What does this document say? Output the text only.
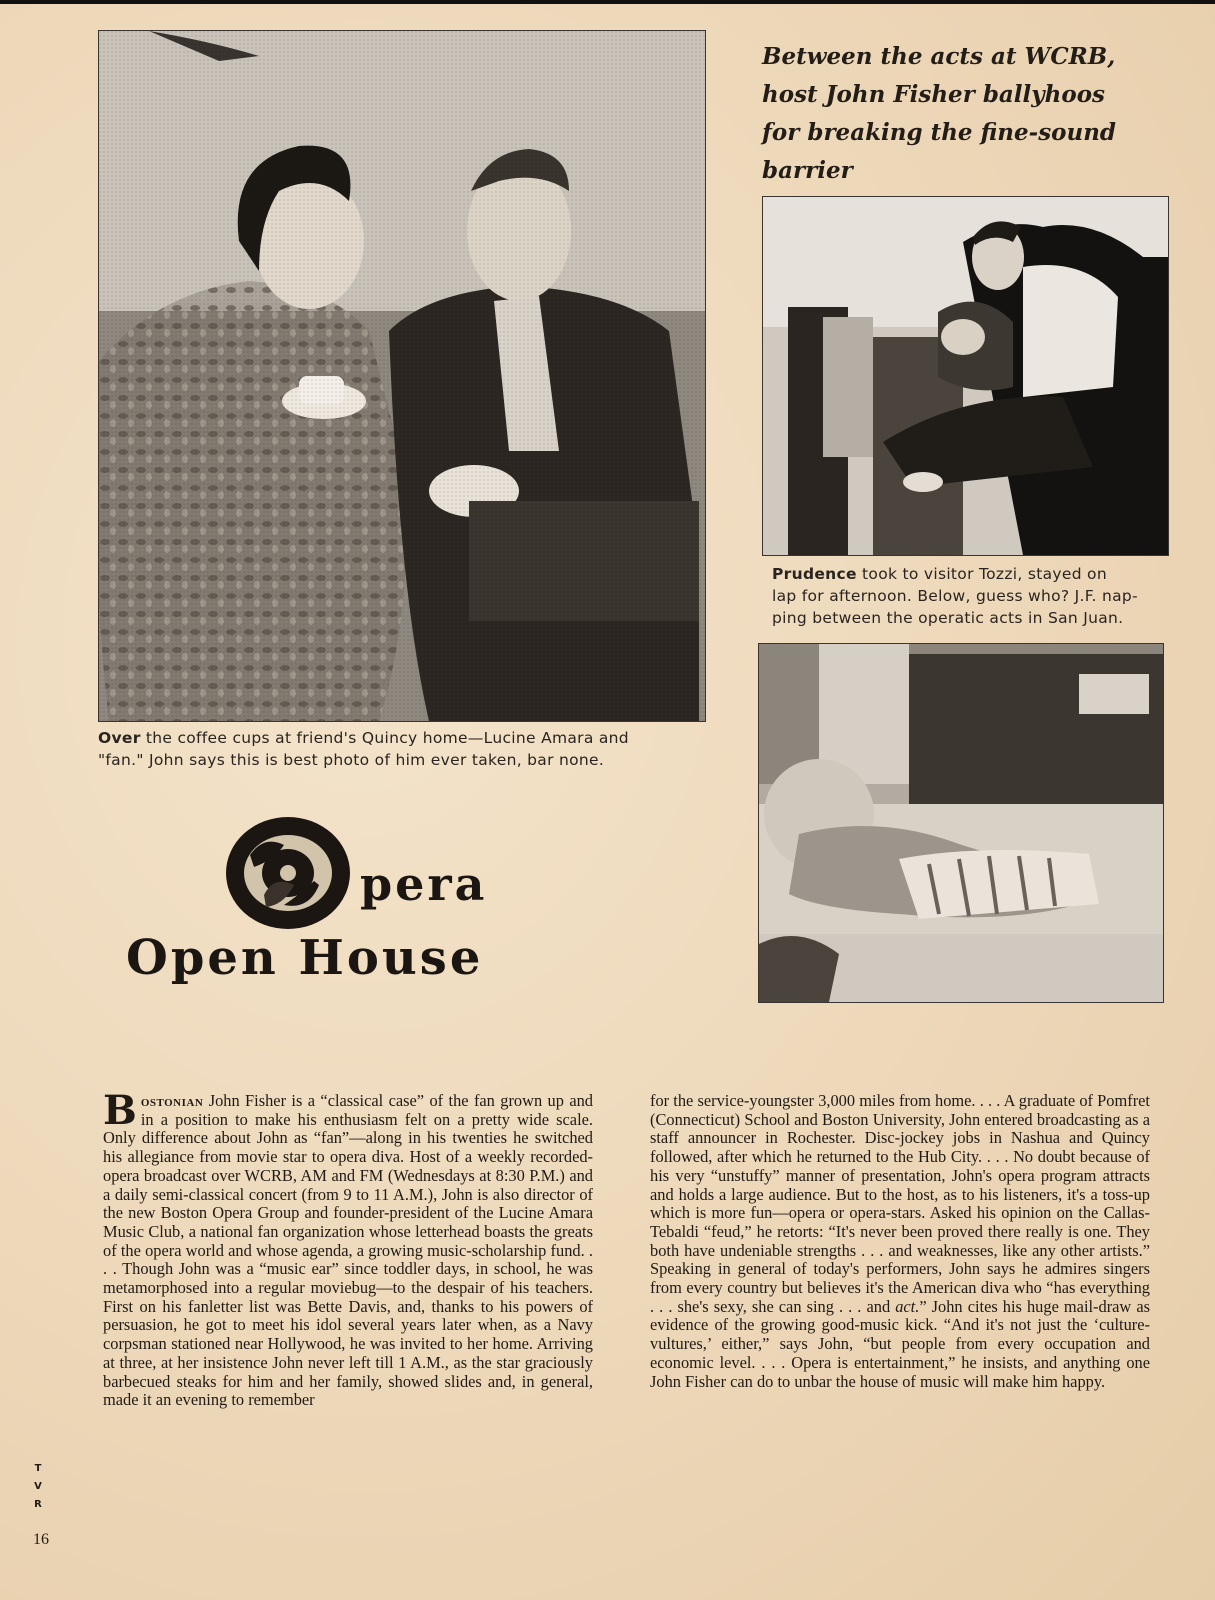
Over the coffee cups at friend's Quincy home—Lucine Amara and
"fan." John says this is best photo of him ever taken, bar none.
Between the acts at WCRB,
host John Fisher ballyhoos
for breaking the fine-sound barrier
Prudence took to visitor Tozzi, stayed on
lap for afternoon. Below, guess who? J.F. nap-
ping between the operatic acts in San Juan.
pera
Open House
Bostonian John Fisher is a “classical case” of the fan grown up and in a position to make his enthusiasm felt on a pretty wide scale. Only difference about John as “fan”—along in his twenties he switched his allegiance from movie star to opera diva. Host of a weekly recorded-opera broadcast over WCRB, AM and FM (Wednesdays at 8:30 P.M.) and a daily semi-classical concert (from 9 to 11 A.M.), John is also director of the new Boston Opera Group and founder-president of the Lucine Amara Music Club, a national fan organization whose letterhead boasts the greats of the opera world and whose agenda, a growing music-scholarship fund. . . . Though John was a “music ear” since toddler days, in school, he was metamorphosed into a regular moviebug—to the despair of his teachers. First on his fanletter list was Bette Davis, and, thanks to his powers of persuasion, he got to meet his idol several years later when, as a Navy corpsman stationed near Hollywood, he was invited to her home. Arriving at three, at her insistence John never left till 1 A.M., as the star graciously barbecued steaks for him and her family, showed slides and, in general, made it an evening to remember
for the service-youngster 3,000 miles from home. . . . A graduate of Pomfret (Connecticut) School and Boston University, John entered broadcasting as a staff announcer in Rochester. Disc-jockey jobs in Nashua and Quincy followed, after which he returned to the Hub City. . . . No doubt because of his very “unstuffy” manner of presentation, John's opera program attracts and holds a large audience. But to the host, as to his listeners, it's a toss-up which is more fun—opera or opera-stars. Asked his opinion on the Callas-Tebaldi “feud,” he retorts: “It's never been proved there really is one. They both have undeniable strengths . . . and weaknesses, like any other artists.” Speaking in general of today's performers, John says he admires singers from every country but believes it's the American diva who “has everything . . . she's sexy, she can sing . . . and act.” John cites his huge mail-draw as evidence of the growing good-music kick. “And it's not just the ‘culture-vultures,’ either,” says John, “but people from every occupation and economic level. . . . Opera is entertainment,” he insists, and anything one John Fisher can do to unbar the house of music will make him happy.
T
V
R
16
